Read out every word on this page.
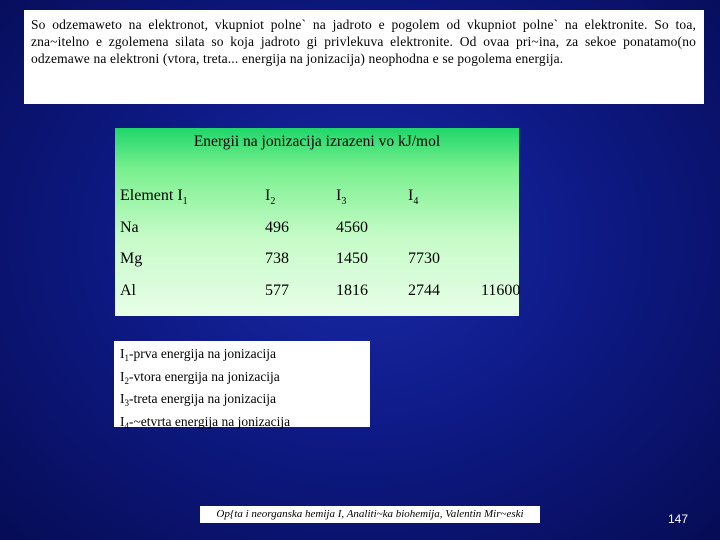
So odzemaweto na elektronot, vkupniot polne` na jadroto e pogolem od vkupniot polne` na elektronite. So toa, zna~itelno e zgolemena silata so koja jadroto gi privlekuva elektronite. Od ovaa pri~ina, za sekoe ponatamo(no odzemawe na elektroni (vtora, treta... energija na jonizacija) neophodna e se pogolema energija.
Energii na jonizacija izrazeni vo kJ/mol
Element $I_1$	$I_2$	$I_3$	$I_4$
Na	496	4560
Mg	738	1450	7730
Al	577	1816	2744	11600
$I_1$-prva energija na jonizacija
$I_2$-vtora energija na jonizacija
$I_3$-treta energija na jonizacija
$I_4-\sim etvrta$ energija na jonizacija
Op{ta i neorganska hemija I, Analiti~ka biohemija, Valentin Mir~eski	147
